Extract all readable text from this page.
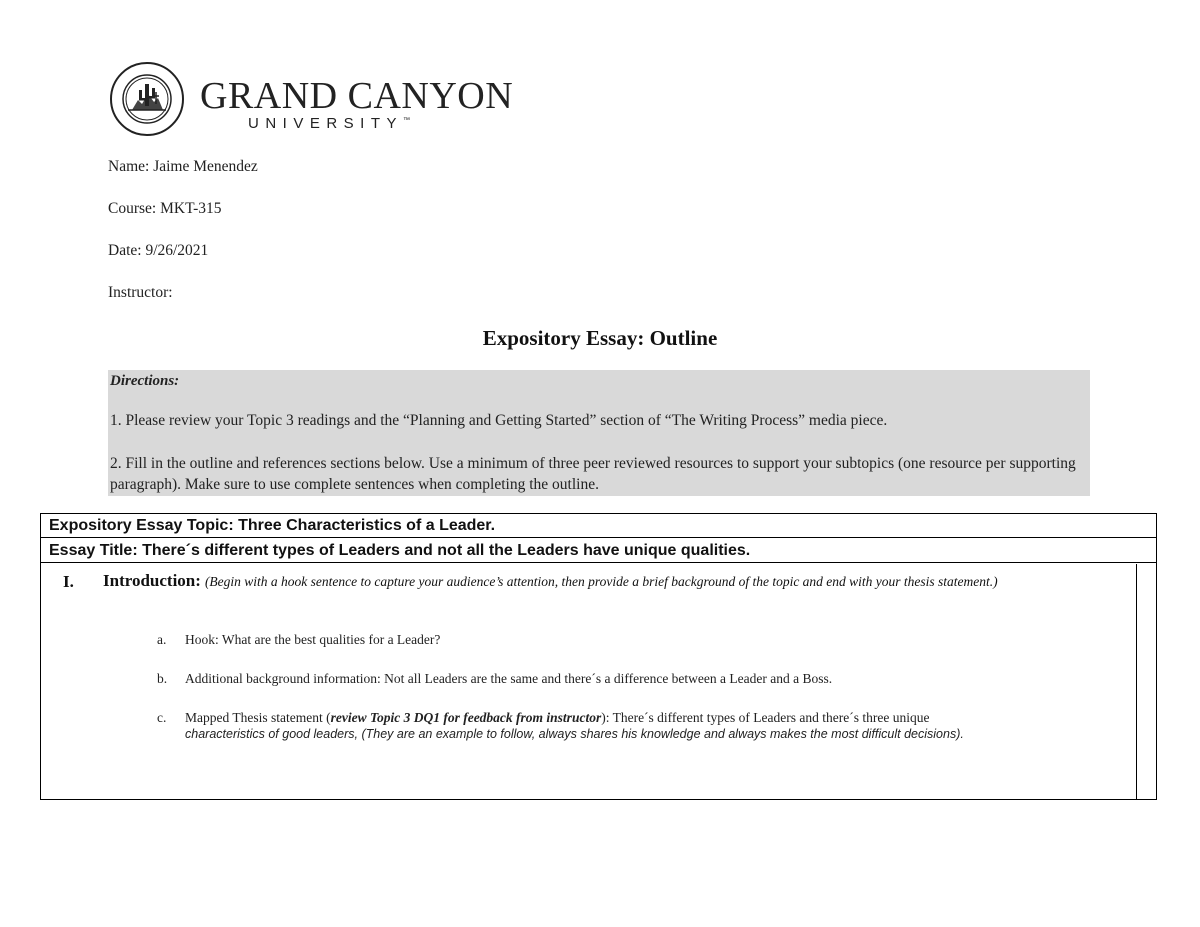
GRAND CANYON
UNIVERSITY™
Name: Jaime Menendez
Course: MKT-315
Date: 9/26/2021
Instructor:
Expository Essay: Outline
Directions:
1. Please review your Topic 3 readings and the “Planning and Getting Started” section of “The Writing Process” media piece.
2. Fill in the outline and references sections below. Use a minimum of three peer reviewed resources to support your subtopics (one resource per supporting paragraph). Make sure to use complete sentences when completing the outline.
Expository Essay Topic: Three Characteristics of a Leader.
Essay Title: There´s different types of Leaders and not all the Leaders have unique qualities.
I. Introduction: (Begin with a hook sentence to capture your audience’s attention, then provide a brief background of the topic and end with your thesis statement.)
a. Hook: What are the best qualities for a Leader?
b. Additional background information: Not all Leaders are the same and there´s a difference between a Leader and a Boss.
c. Mapped Thesis statement (review Topic 3 DQ1 for feedback from instructor): There´s different types of Leaders and there´s three unique
characteristics of good leaders, (They are an example to follow, always shares his knowledge and always makes the most difficult decisions).
